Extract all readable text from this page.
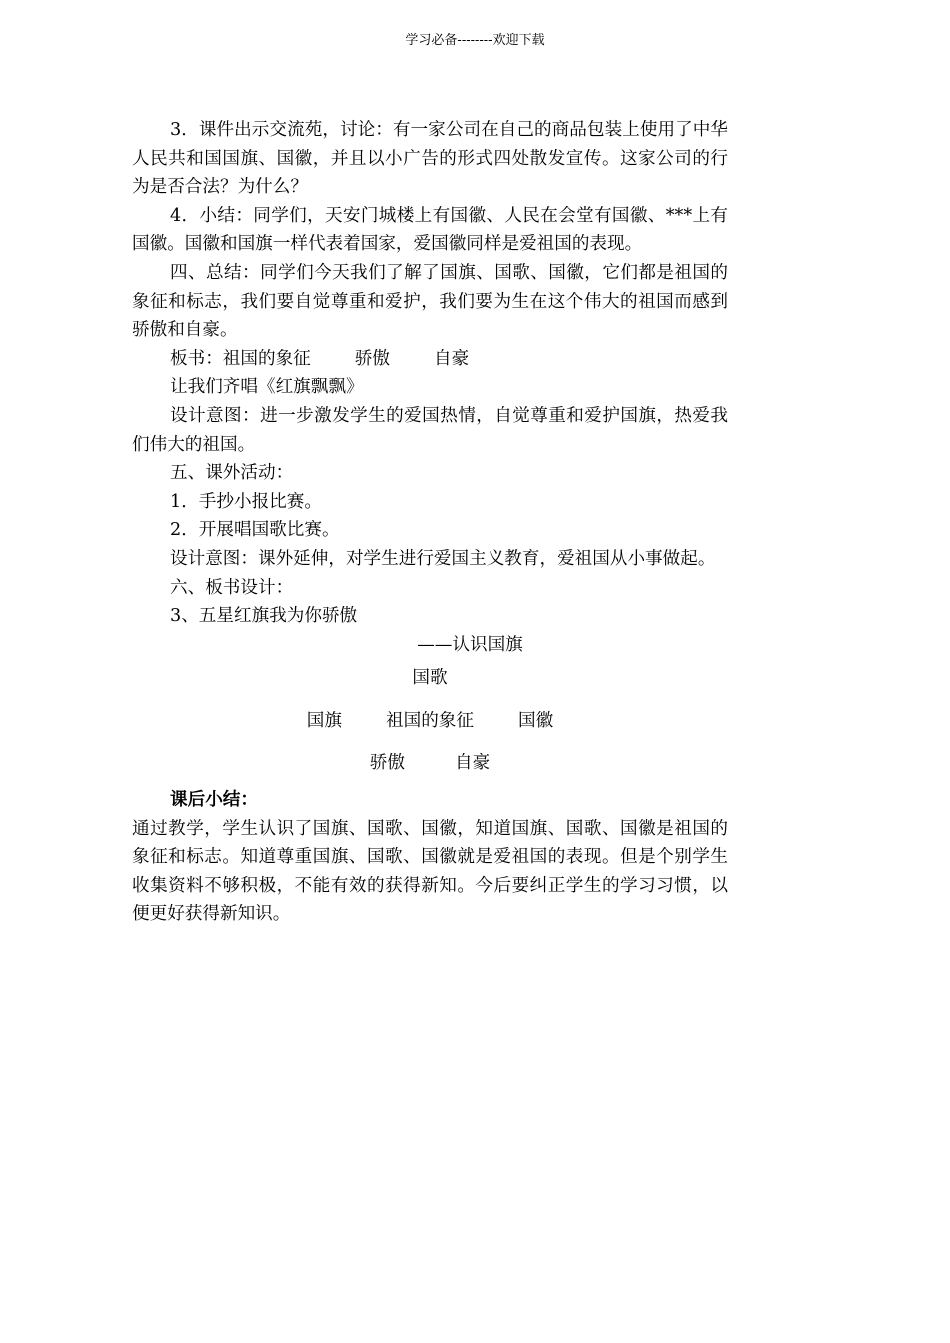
学习必备--------欢迎下载

3．课件出示交流苑，讨论：有一家公司在自己的商品包装上使用了中华人民共和国国旗、国徽，并且以小广告的形式四处散发宣传。这家公司的行为是否合法？为什么？

4．小结：同学们，天安门城楼上有国徽、人民在会堂有国徽、***上有国徽。国徽和国旗一样代表着国家，爱国徽同样是爱祖国的表现。

四、总结：同学们今天我们了解了国旗、国歌、国徽，它们都是祖国的象征和标志，我们要自觉尊重和爱护，我们要为生在这个伟大的祖国而感到骄傲和自豪。

板书：祖国的象征	骄傲	自豪

让我们齐唱《红旗飘飘》

设计意图：进一步激发学生的爱国热情，自觉尊重和爱护国旗，热爱我们伟大的祖国。

五、课外活动：

1．手抄小报比赛。

2．开展唱国歌比赛。

设计意图：课外延伸，对学生进行爱国主义教育，爱祖国从小事做起。

六、板书设计：

3、五星红旗我为你骄傲

——认识国旗

国歌

国旗	祖国的象征	国徽

骄傲	自豪

课后小结：

通过教学，学生认识了国旗、国歌、国徽，知道国旗、国歌、国徽是祖国的象征和标志。知道尊重国旗、国歌、国徽就是爱祖国的表现。但是个别学生收集资料不够积极，不能有效的获得新知。今后要纠正学生的学习习惯，以便更好获得新知识。
